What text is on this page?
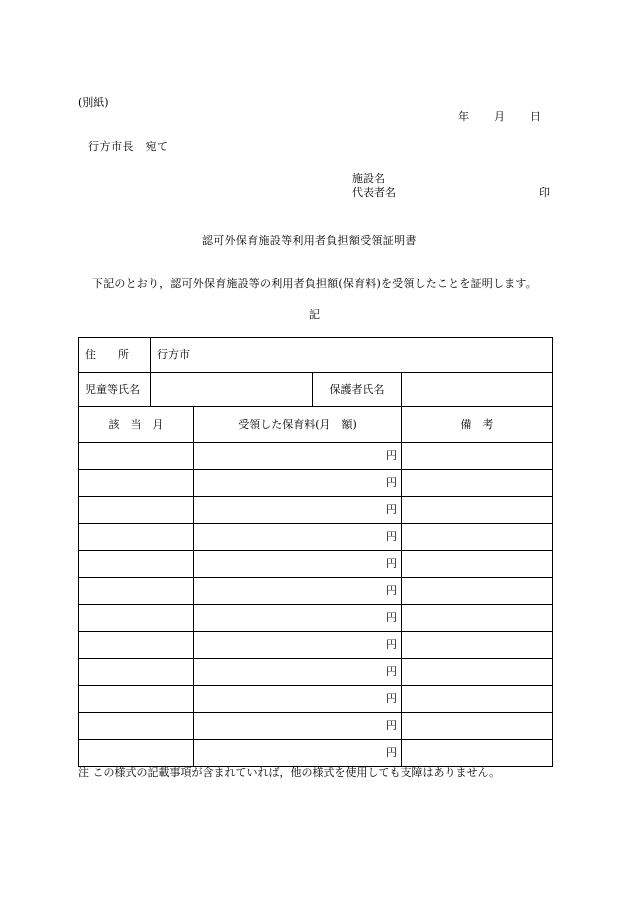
(別紙)
年 月 日
行方市長　宛て
施設名
代表者名	印
認可外保育施設等利用者負担額受領証明書
下記のとおり，認可外保育施設等の利用者負担額(保育料)を受領したことを証明します。
記
住　　所	行方市			
児童等氏名			保護者氏名	
該　当　月		受領した保育料(月　額)		備　考
		円		
		円		
		円		
		円		
		円		
		円		
		円		
		円		
		円		
		円		
		円		
		円		
注 この様式の記載事項が含まれていれば，他の様式を使用しても支障はありません。
